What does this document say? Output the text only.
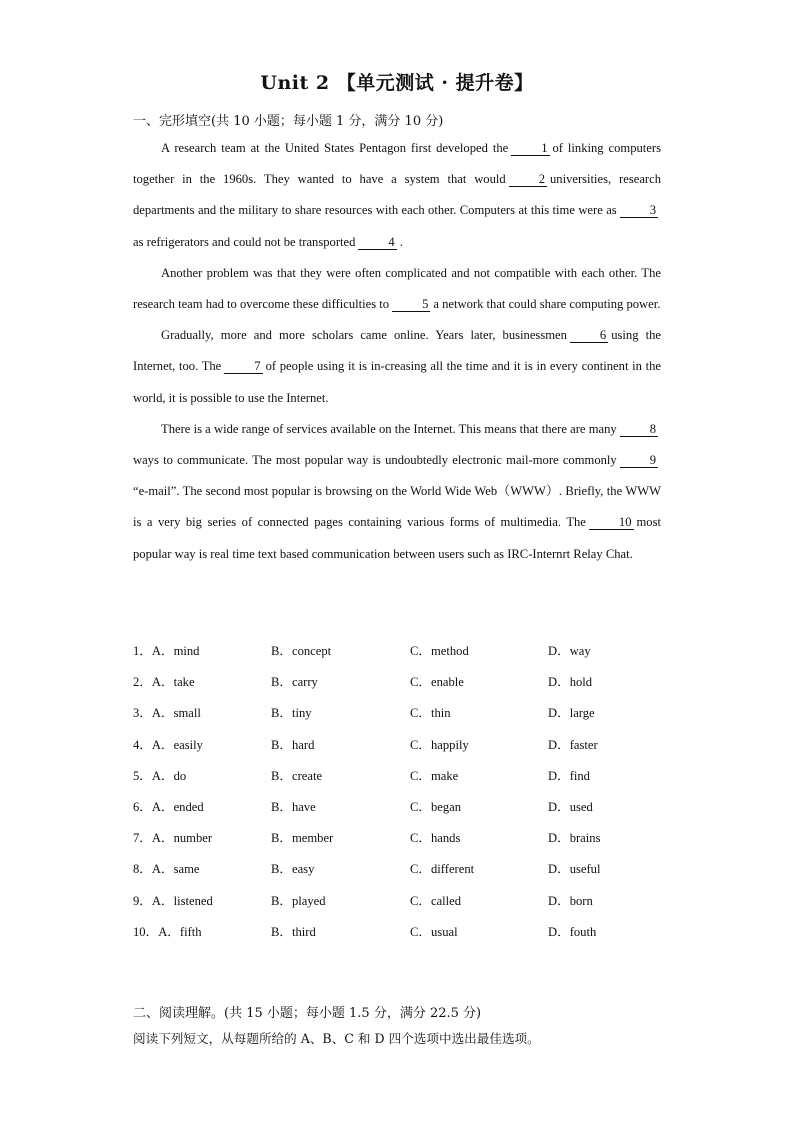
Unit 2 【单元测试 · 提升卷】
一、完形填空(共 10 小题；每小题 1 分，满分 10 分)

A research team at the United States Pentagon first developed the	1 of linking computers together in the 1960s. They wanted to have a system that would	2 universities, research departments and the military to share resources with each other. Computers at this time were as	3as refrigerators and could not be transported	4 .

Another problem was that they were often complicated and not compatible with each other. The research team had to overcome these difficulties to	5 a network that could share computing power.

Gradually, more and more scholars came online. Years later, businessmen	6 using the Internet, too. The	7 of people using it is in-creasing all the time and it is in every continent in the world, it is possible to use the Internet.

There is a wide range of services available on the Internet. This means that there are many	8ways to communicate. The most popular way is undoubtedly electronic mail-more commonly	9“e-mail”. The second most popular is browsing on the World Wide Web（WWW）. Briefly, the WWW is a very big series of connected pages containing various forms of multimedia. The	10 most popular way is real time text based communication between users such as IRC-Internrt Relay Chat.

1．A．mind	B．concept	C．method	D．way
2．A．take	B．carry	C．enable	D．hold
3．A．small	B．tiny	C．thin	D．large
4．A．easily	B．hard	C．happily	D．faster
5．A．do	B．create	C．make	D．find
6．A．ended	B．have	C．began	D．used
7．A．number	B．member	C．hands	D．brains
8．A．same	B．easy	C．different	D．useful
9．A．listened	B．played	C．called	D．born
10．A．fifth	B．third	C．usual	D．fouth
二、阅读理解。(共 15 小题；每小题 1.5 分，满分 22.5 分)
阅读下列短文，从每题所给的 A、B、C 和 D 四个选项中选出最佳选项。
